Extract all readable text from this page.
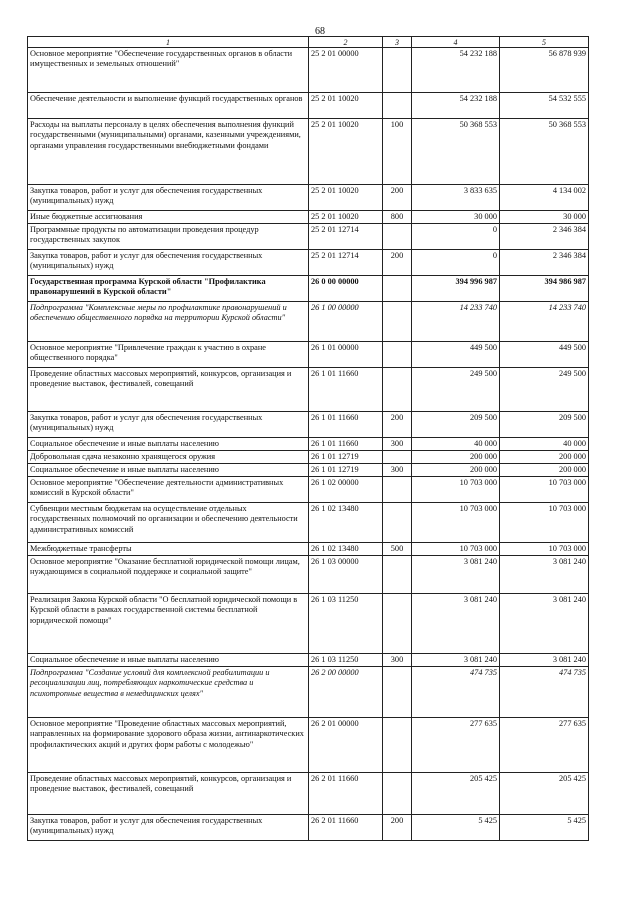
68
1	2	3	4	5
Основное мероприятие "Обеспечение государственных органов в области имущественных и земельных отношений"	25 2 01 00000		54 232 188	56 878 939
Обеспечение деятельности и выполнение функций государственных органов	25 2 01 10020		54 232 188	54 532 555
Расходы на выплаты персоналу в целях обеспечения выполнения функций государственными (муниципальными) органами, казенными учреждениями, органами управления государственными внебюджетными фондами	25 2 01 10020	100	50 368 553	50 368 553
Закупка товаров, работ и услуг для обеспечения государственных (муниципальных) нужд	25 2 01 10020	200	3 833 635	4 134 002
Иные бюджетные ассигнования	25 2 01 10020	800	30 000	30 000
Программные продукты по автоматизации проведения процедур государственных закупок	25 2 01 12714		0	2 346 384
Закупка товаров, работ и услуг для обеспечения государственных (муниципальных) нужд	25 2 01 12714	200	0	2 346 384
Государственная программа Курской области "Профилактика правонарушений в Курской области"	26 0 00 00000		394 996 987	394 986 987
Подпрограмма "Комплексные меры по профилактике правонарушений и обеспечению общественного порядка на территории Курской области"	26 1 00 00000		14 233 740	14 233 740
Основное мероприятие "Привлечение граждан к участию в охране общественного порядка"	26 1 01 00000		449 500	449 500
Проведение областных массовых мероприятий, конкурсов, организация и проведение выставок, фестивалей, совещаний	26 1 01 11660		249 500	249 500
Закупка товаров, работ и услуг для обеспечения государственных (муниципальных) нужд	26 1 01 11660	200	209 500	209 500
Социальное обеспечение и иные выплаты населению	26 1 01 11660	300	40 000	40 000
Добровольная сдача незаконно хранящегося оружия	26 1 01 12719		200 000	200 000
Социальное обеспечение и иные выплаты населению	26 1 01 12719	300	200 000	200 000
Основное мероприятие "Обеспечение деятельности административных комиссий в Курской области"	26 1 02 00000		10 703 000	10 703 000
Субвенции местным бюджетам на осуществление отдельных государственных полномочий по организации и обеспечению деятельности административных комиссий	26 1 02 13480		10 703 000	10 703 000
Межбюджетные трансферты	26 1 02 13480	500	10 703 000	10 703 000
Основное мероприятие "Оказание бесплатной юридической помощи лицам, нуждающимся в социальной поддержке и социальной защите"	26 1 03 00000		3 081 240	3 081 240
Реализация Закона Курской области "О бесплатной юридической помощи в Курской области в рамках государственной системы бесплатной юридической помощи"	26 1 03 11250		3 081 240	3 081 240
Социальное обеспечение и иные выплаты населению	26 1 03 11250	300	3 081 240	3 081 240
Подпрограмма "Создание условий для комплексной реабилитации и ресоциализации лиц, потребляющих наркотические средства и психотропные вещества в немедицинских целях"	26 2 00 00000		474 735	474 735
Основное мероприятие "Проведение областных массовых мероприятий, направленных на формирование здорового образа жизни, антинаркотических профилактических акций и других форм работы с молодежью"	26 2 01 00000		277 635	277 635
Проведение областных массовых мероприятий, конкурсов, организация и проведение выставок, фестивалей, совещаний	26 2 01 11660		205 425	205 425
Закупка товаров, работ и услуг для обеспечения государственных (муниципальных) нужд	26 2 01 11660	200	5 425	5 425
